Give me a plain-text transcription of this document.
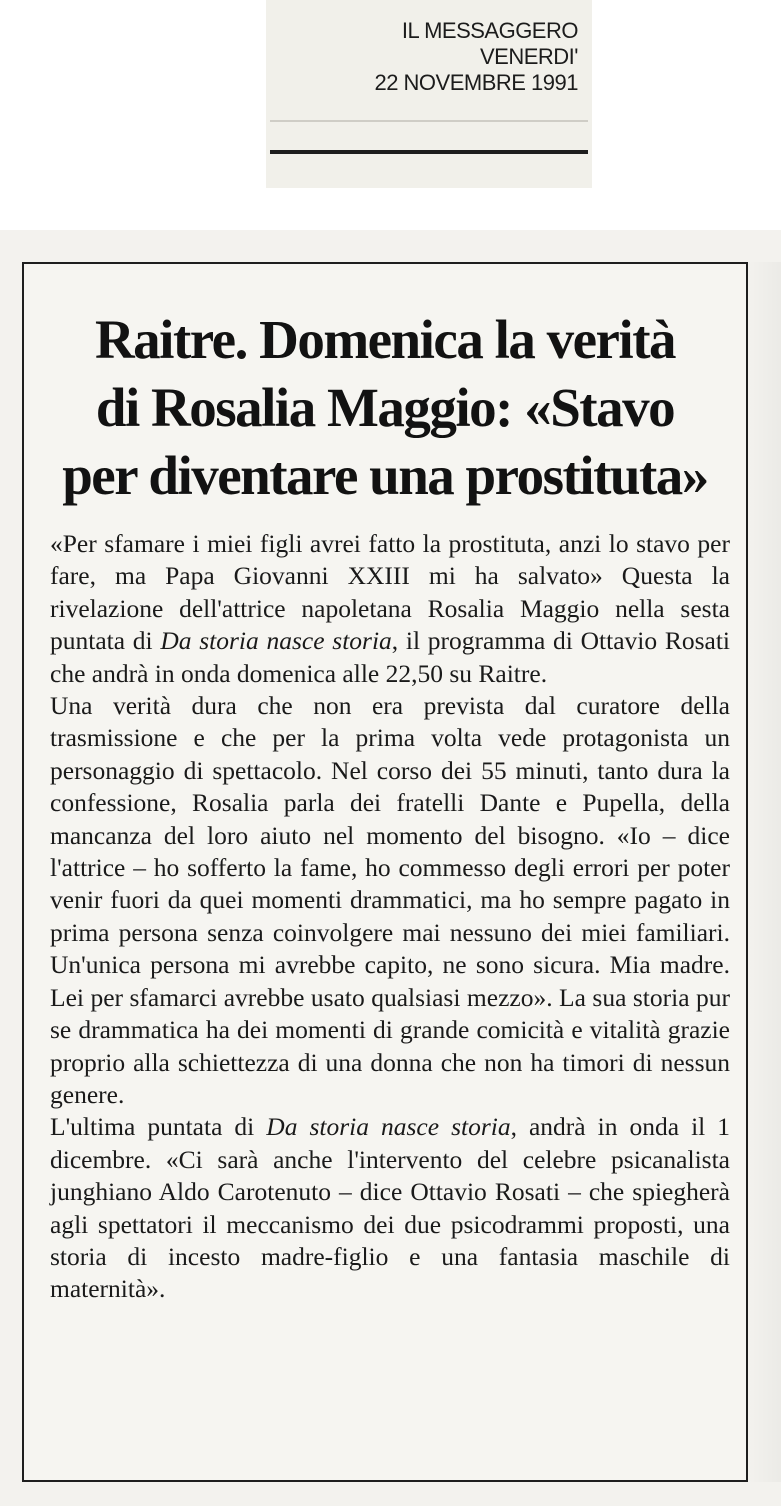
IL MESSAGGERO
VENERDI'
22 NOVEMBRE 1991
Raitre. Domenica la verità
di Rosalia Maggio: «Stavo
per diventare una prostituta»

«Per sfamare i miei figli avrei fatto la prostituta, anzi lo stavo per fare, ma Papa Giovanni XXIII mi ha salvato» Questa la rivelazione dell'attrice napoletana Rosalia Maggio nella sesta puntata di Da storia nasce storia, il programma di Ottavio Rosati che andrà in onda domenica alle 22,50 su Raitre.

Una verità dura che non era prevista dal curatore della trasmissione e che per la prima volta vede protagonista un personaggio di spettacolo. Nel corso dei 55 minuti, tanto dura la confessione, Rosalia parla dei fratelli Dante e Pupella, della mancanza del loro aiuto nel momento del bisogno. «Io – dice l'attrice – ho sofferto la fame, ho commesso degli errori per poter venir fuori da quei momenti drammatici, ma ho sempre pagato in prima persona senza coinvolgere mai nessuno dei miei familiari. Un'unica persona mi avrebbe capito, ne sono sicura. Mia madre. Lei per sfamarci avrebbe usato qualsiasi mezzo». La sua storia pur se drammatica ha dei momenti di grande comicità e vitalità grazie proprio alla schiettezza di una donna che non ha timori di nessun genere.

L'ultima puntata di Da storia nasce storia, andrà in onda il 1 dicembre. «Ci sarà anche l'intervento del celebre psicanalista junghiano Aldo Carotenuto – dice Ottavio Rosati – che spiegherà agli spettatori il meccanismo dei due psicodrammi proposti, una storia di incesto madre-figlio e una fantasia maschile di maternità».
